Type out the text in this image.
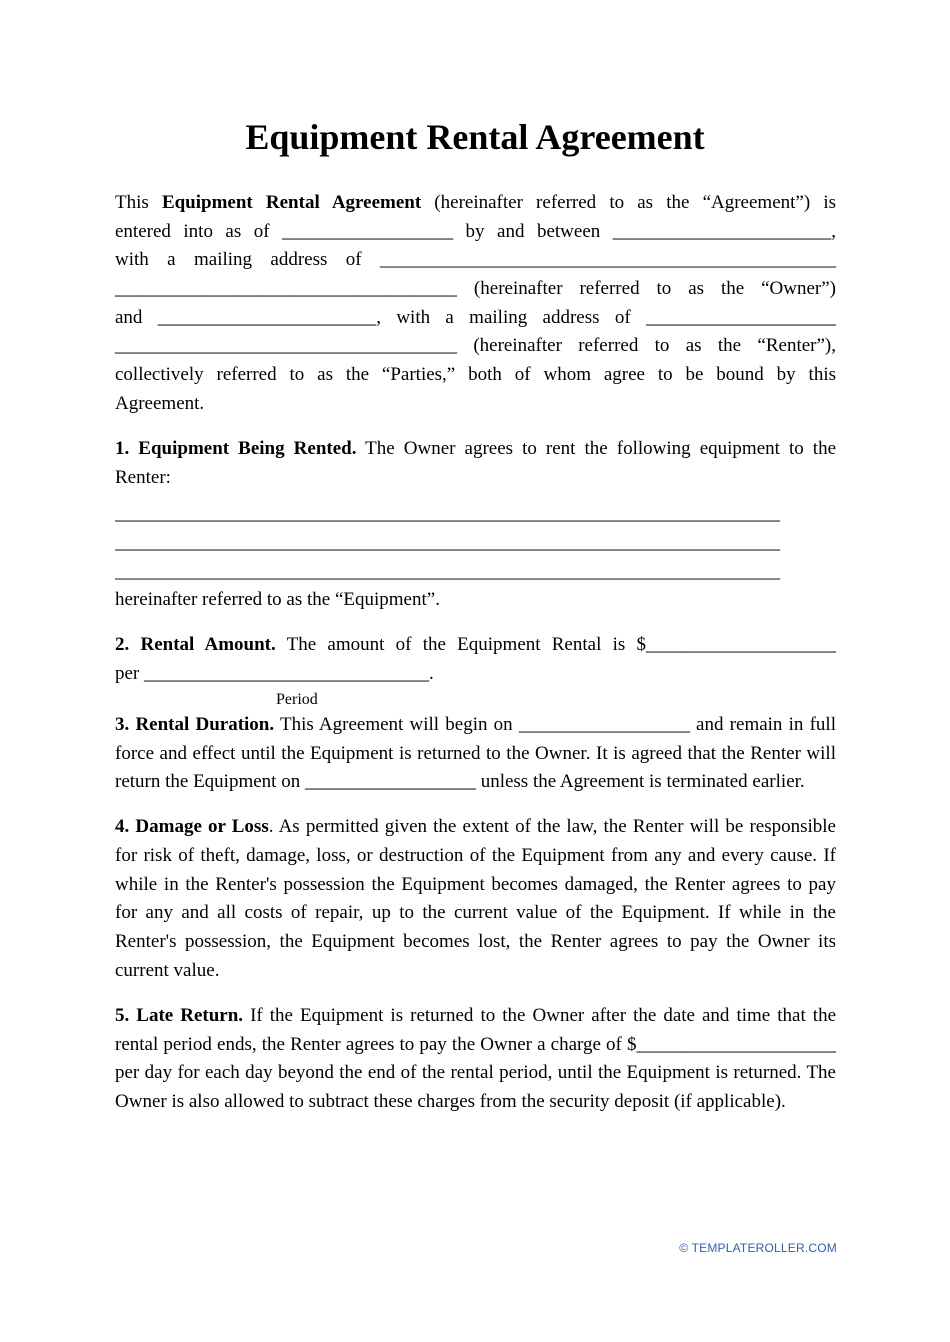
Equipment Rental Agreement
This Equipment Rental Agreement (hereinafter referred to as the “Agreement”) is
entered into as of __________________ by and between _______________________,
with a mailing address of ________________________________________________
____________________________________ (hereinafter referred to as the “Owner”)
and _______________________, with a mailing address of ____________________
____________________________________ (hereinafter referred to as the “Renter”),
collectively referred to as the “Parties,” both of whom agree to be bound by this
Agreement.
1. Equipment Being Rented. The Owner agrees to rent the following equipment to the Renter:
______________________________________________________________________
______________________________________________________________________
______________________________________________________________________
hereinafter referred to as the “Equipment”.
2. Rental Amount. The amount of the Equipment Rental is $____________________
per ______________________________.
Period
3. Rental Duration. This Agreement will begin on __________________ and remain in full force and effect until the Equipment is returned to the Owner. It is agreed that the Renter will return the Equipment on __________________ unless the Agreement is terminated earlier.
4. Damage or Loss. As permitted given the extent of the law, the Renter will be responsible for risk of theft, damage, loss, or destruction of the Equipment from any and every cause. If while in the Renter's possession the Equipment becomes damaged, the Renter agrees to pay for any and all costs of repair, up to the current value of the Equipment. If while in the Renter's possession, the Equipment becomes lost, the Renter agrees to pay the Owner its current value.
5. Late Return. If the Equipment is returned to the Owner after the date and time that the rental period ends, the Renter agrees to pay the Owner a charge of $_____________________ per day for each day beyond the end of the rental period, until the Equipment is returned. The Owner is also allowed to subtract these charges from the security deposit (if applicable).
© TEMPLATEROLLER.COM
